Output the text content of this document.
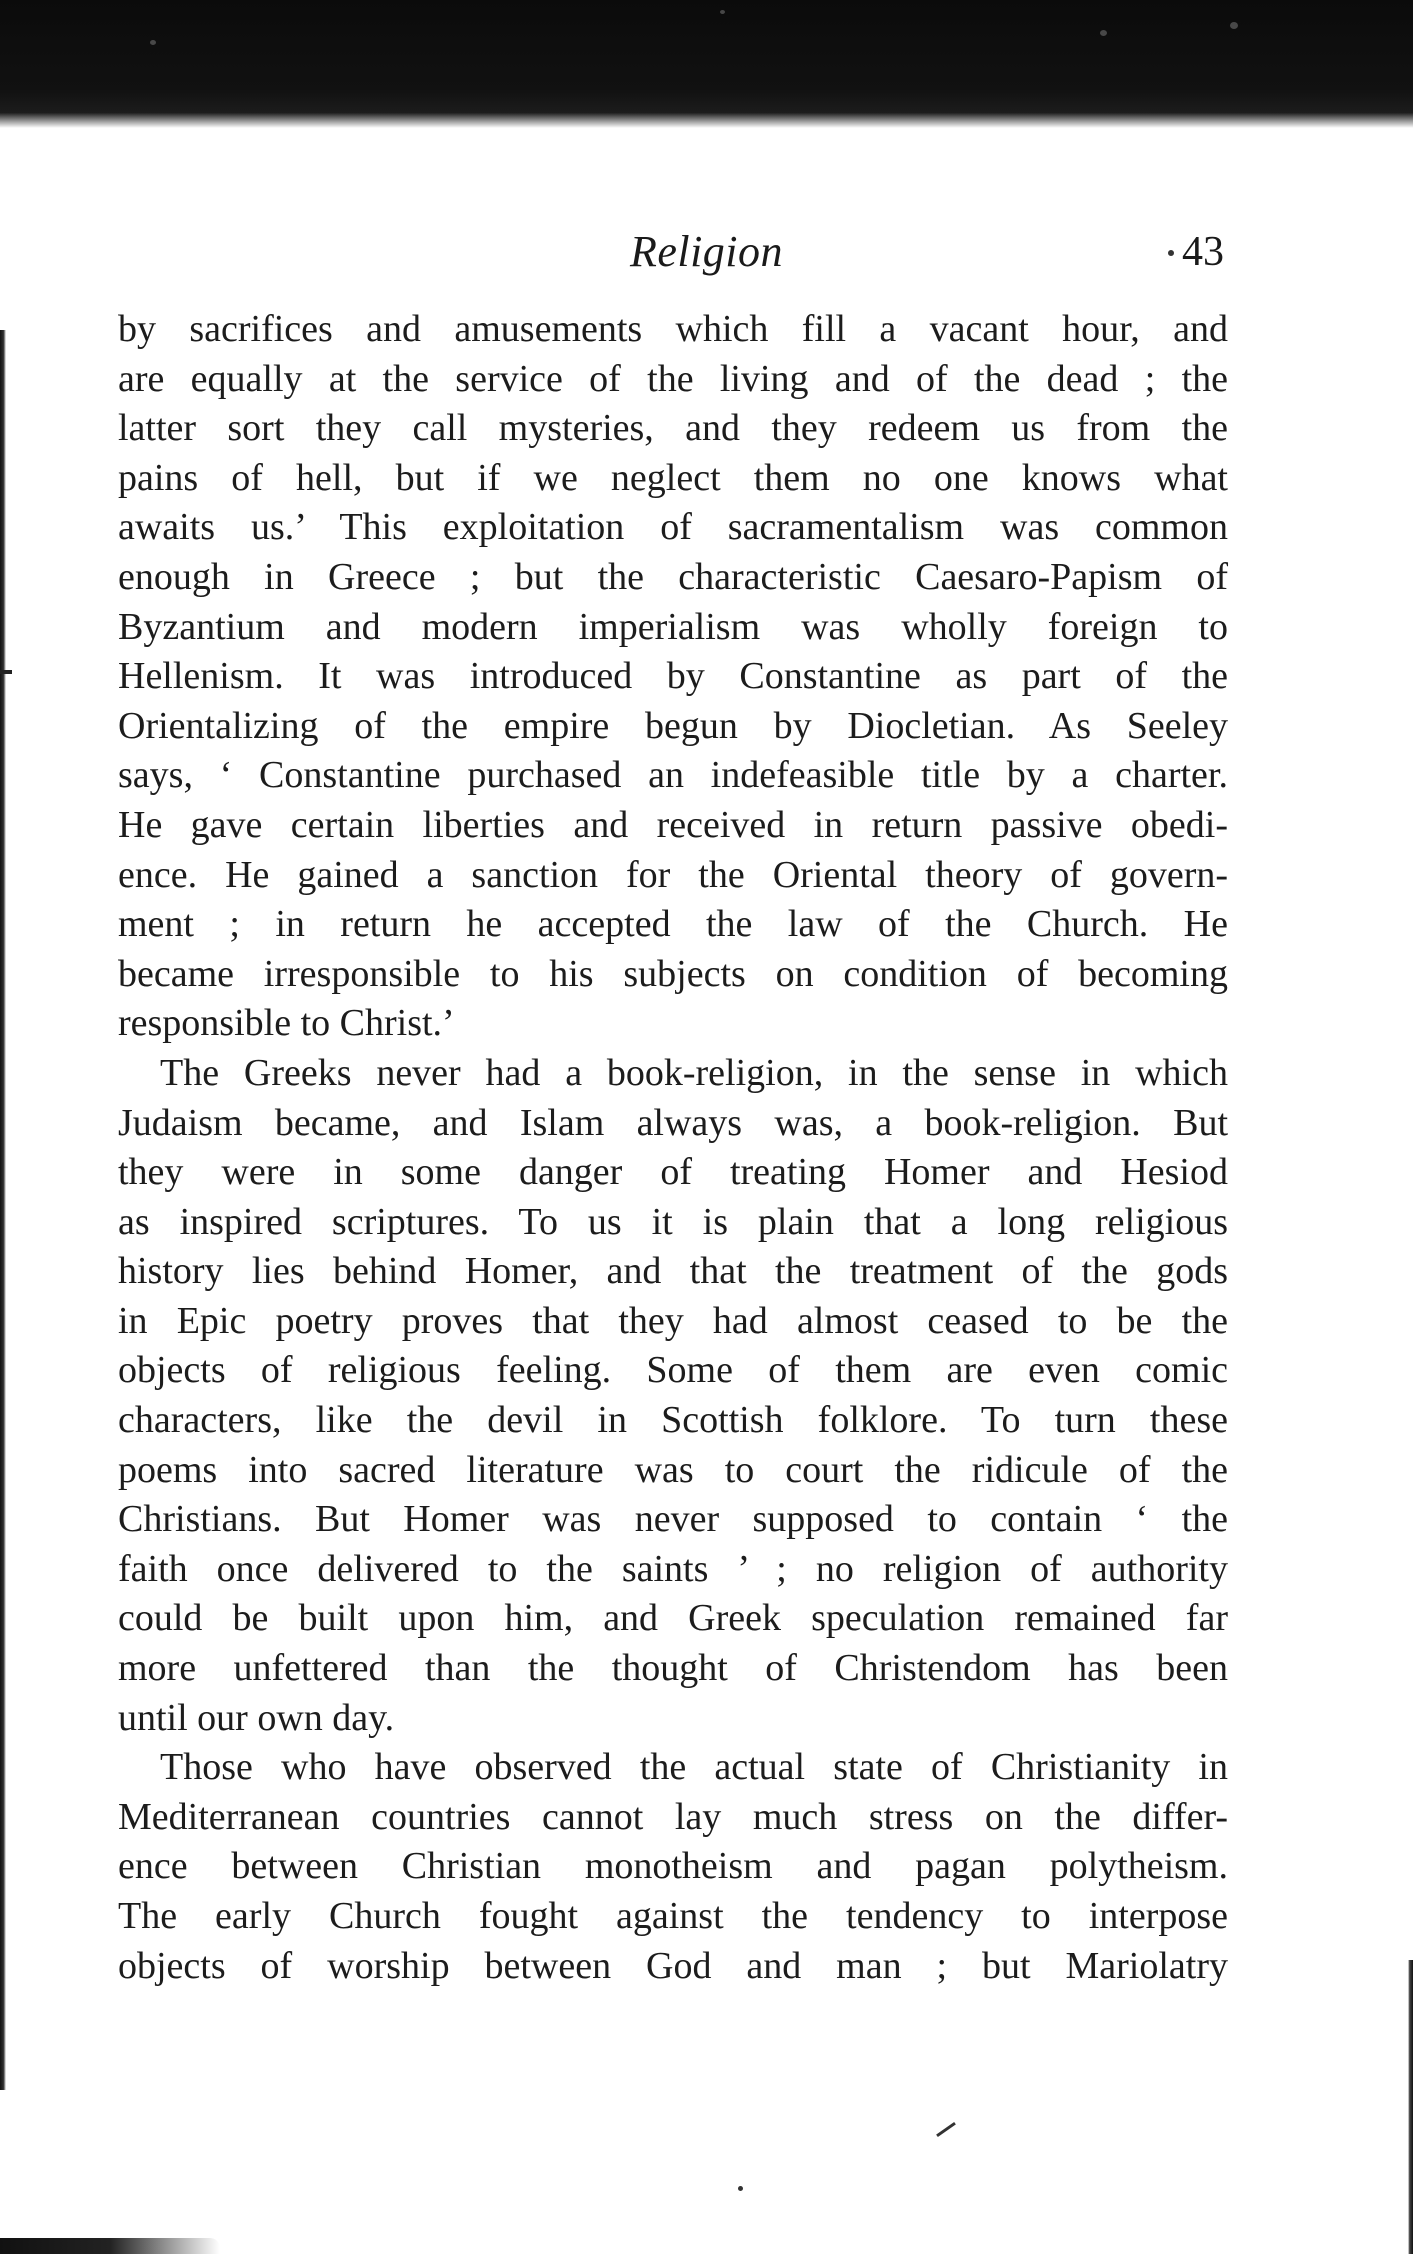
Religion	43
by sacrifices and amusements which fill a vacant hour, and
are equally at the service of the living and of the dead ; the
latter sort they call mysteries, and they redeem us from the
pains of hell, but if we neglect them no one knows what
awaits us.’ This exploitation of sacramentalism was common
enough in Greece ; but the characteristic Caesaro-Papism of
Byzantium and modern imperialism was wholly foreign to
Hellenism. It was introduced by Constantine as part of the
Orientalizing of the empire begun by Diocletian. As Seeley
says, ‘ Constantine purchased an indefeasible title by a charter.
He gave certain liberties and received in return passive obedi-
ence. He gained a sanction for the Oriental theory of govern-
ment ; in return he accepted the law of the Church. He
became irresponsible to his subjects on condition of becoming
responsible to Christ.’
The Greeks never had a book-religion, in the sense in which
Judaism became, and Islam always was, a book-religion. But
they were in some danger of treating Homer and Hesiod
as inspired scriptures. To us it is plain that a long religious
history lies behind Homer, and that the treatment of the gods
in Epic poetry proves that they had almost ceased to be the
objects of religious feeling. Some of them are even comic
characters, like the devil in Scottish folklore. To turn these
poems into sacred literature was to court the ridicule of the
Christians. But Homer was never supposed to contain ‘ the
faith once delivered to the saints ’ ; no religion of authority
could be built upon him, and Greek speculation remained far
more unfettered than the thought of Christendom has been
until our own day.
Those who have observed the actual state of Christianity in
Mediterranean countries cannot lay much stress on the differ-
ence between Christian monotheism and pagan polytheism.
The early Church fought against the tendency to interpose
objects of worship between God and man ; but Mariolatry
